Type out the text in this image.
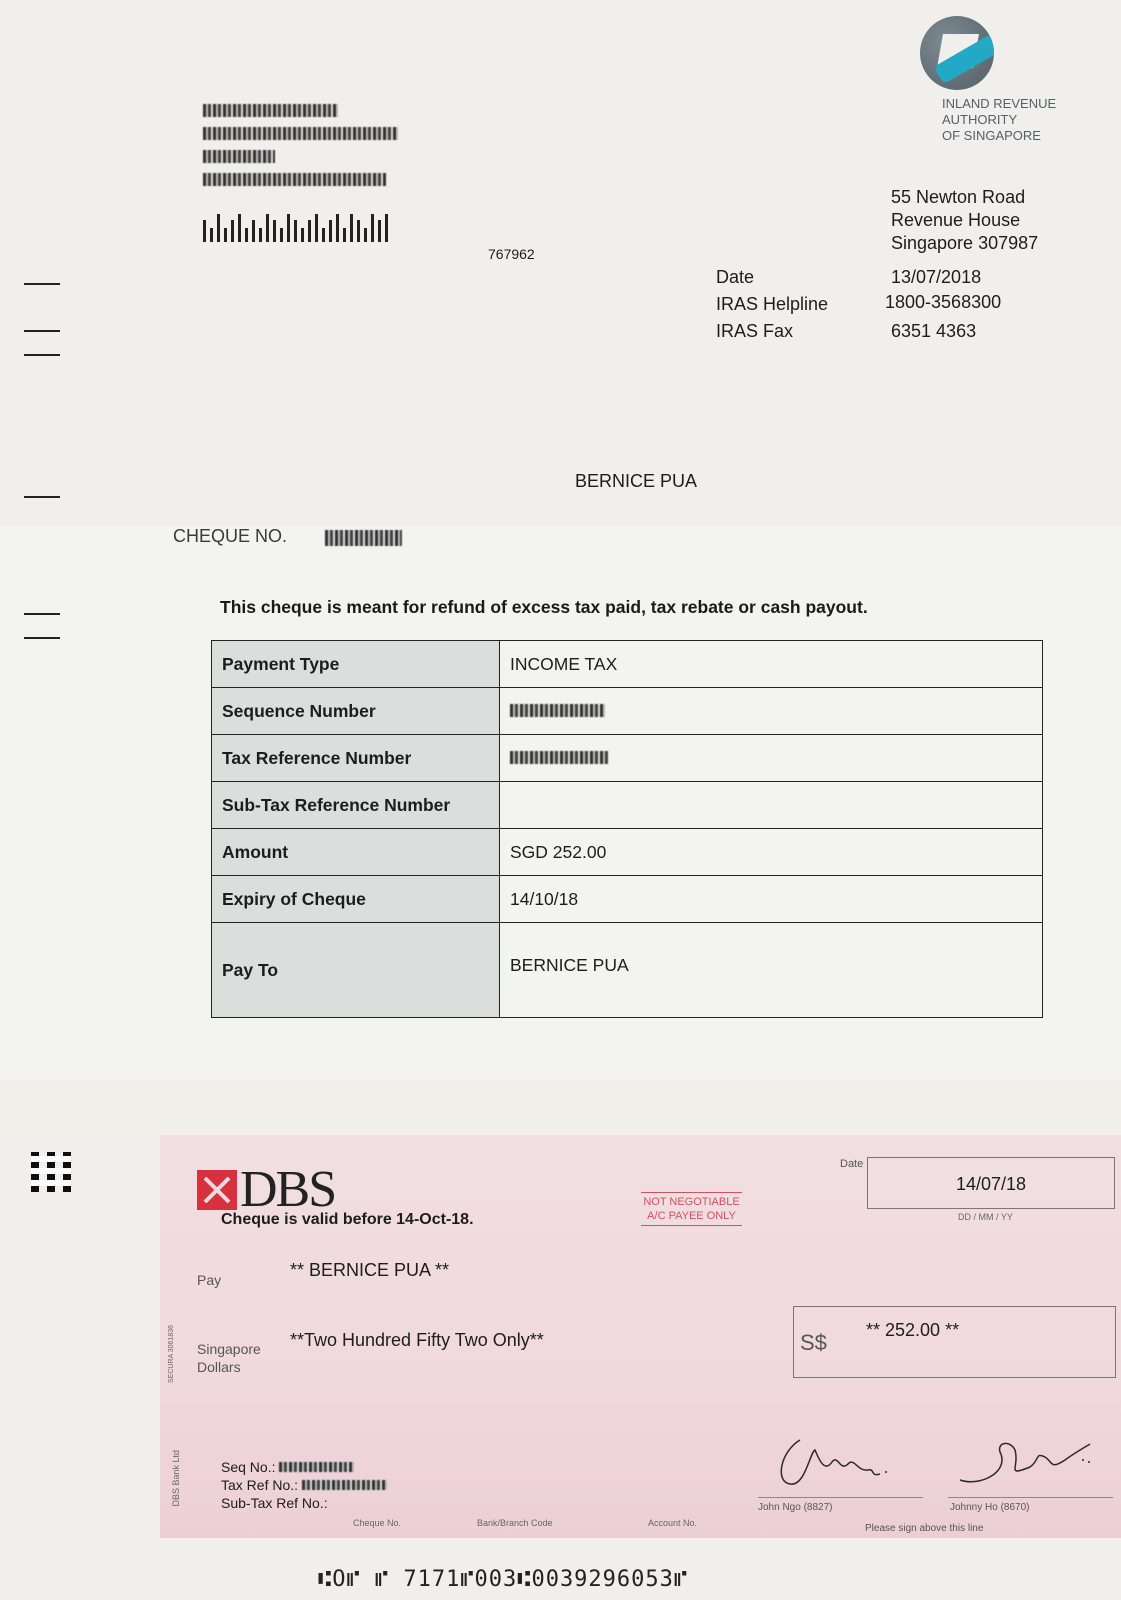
767962
INLAND REVENUE
AUTHORITY
OF SINGAPORE
55 Newton Road
Revenue House
Singapore 307987
Date	13/07/2018
IRAS Helpline	1800-3568300
IRAS Fax	6351 4363
BERNICE PUA
CHEQUE NO.
This cheque is meant for refund of excess tax paid, tax rebate or cash payout.
Payment Type	INCOME TAX
Sequence Number	
Tax Reference Number	
Sub-Tax Reference Number	
Amount	SGD 252.00
Expiry of Cheque	14/10/18
Pay To	BERNICE PUA
DBS
Cheque is valid before 14-Oct-18.
NOT NEGOTIABLE
A/C PAYEE ONLY
Date
14/07/18
DD / MM / YY
Pay	** BERNICE PUA **
Singapore
Dollars
**Two Hundred Fifty Two Only**	S$ ** 252.00 **
SECURA 3061836
DBS Bank Ltd	Seq No.:
Tax Ref No.:
Sub-Tax Ref No.:	John Ngo (8827)	Johnny Ho (8670)
Please sign above this line
Cheque No.	Bank/Branch Code	Account No.
⑆O⑈ ⑈ 7171⑈003⑆0039296053⑈
